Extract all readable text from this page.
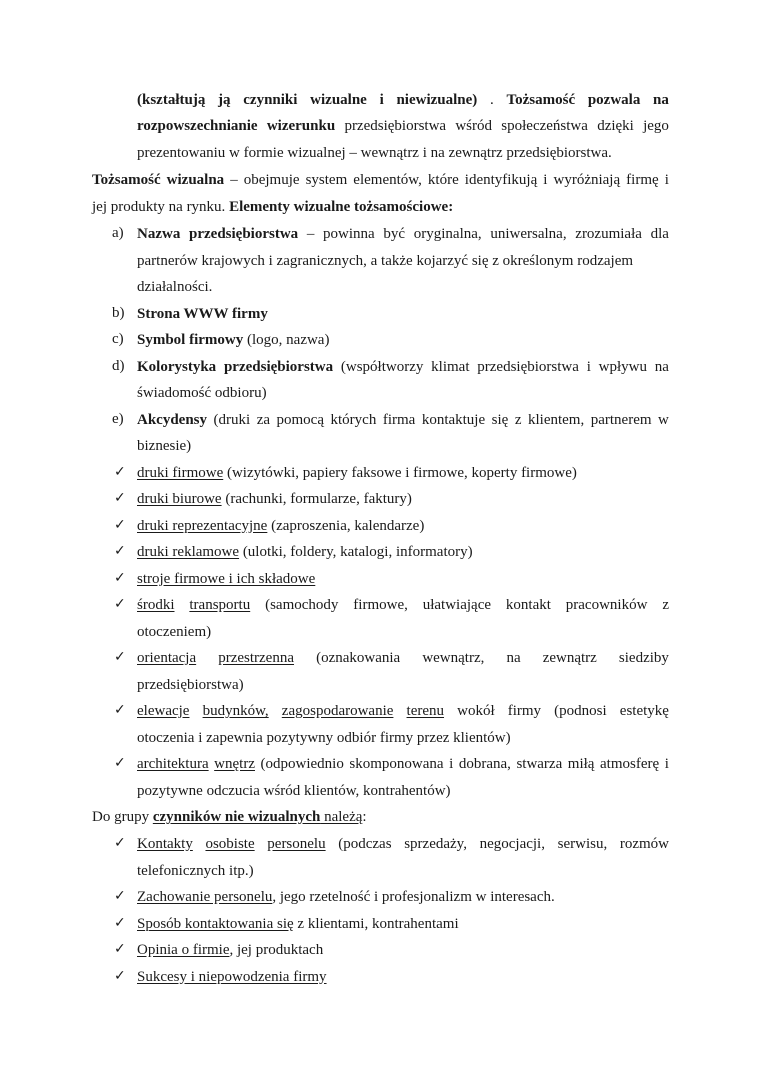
(kształtują ją czynniki wizualne i niewizualne) . Tożsamość pozwala na
rozpowszechnianie wizerunku przedsiębiorstwa wśród społeczeństwa dzięki jego
prezentowaniu w formie wizualnej – wewnątrz i na zewnątrz przedsiębiorstwa.
Tożsamość wizualna – obejmuje system elementów, które identyfikują i wyróżniają firmę i
jej produkty na rynku. Elementy wizualne tożsamościowe:
a) Nazwa przedsiębiorstwa – powinna być oryginalna, uniwersalna, zrozumiała dla
partnerów krajowych i zagranicznych, a także kojarzyć się z określonym rodzajem
działalności.
b) Strona WWW firmy
c) Symbol firmowy (logo, nazwa)
d) Kolorystyka przedsiębiorstwa (współtworzy klimat przedsiębiorstwa i wpływu na
świadomość odbioru)
e) Akcydensy (druki za pomocą których firma kontaktuje się z klientem, partnerem w
biznesie)
✓ druki firmowe (wizytówki, papiery faksowe i firmowe, koperty firmowe)
✓ druki biurowe (rachunki, formularze, faktury)
✓ druki reprezentacyjne (zaproszenia, kalendarze)
✓ druki reklamowe (ulotki, foldery, katalogi, informatory)
✓ stroje firmowe i ich składowe
✓ środki transportu (samochody firmowe, ułatwiające kontakt pracowników z
otoczeniem)
✓ orientacja przestrzenna (oznakowania wewnątrz, na zewnątrz siedziby
przedsiębiorstwa)
✓ elewacje budynków, zagospodarowanie terenu wokół firmy (podnosi estetykę
otoczenia i zapewnia pozytywny odbiór firmy przez klientów)
✓ architektura wnętrz (odpowiednio skomponowana i dobrana, stwarza miłą atmosferę i
pozytywne odczucia wśród klientów, kontrahentów)
Do grupy czynników nie wizualnych należą:
✓ Kontakty osobiste personelu (podczas sprzedaży, negocjacji, serwisu, rozmów
telefonicznych itp.)
✓ Zachowanie personelu, jego rzetelność i profesjonalizm w interesach.
✓ Sposób kontaktowania się z klientami, kontrahentami
✓ Opinia o firmie, jej produktach
✓ Sukcesy i niepowodzenia firmy
